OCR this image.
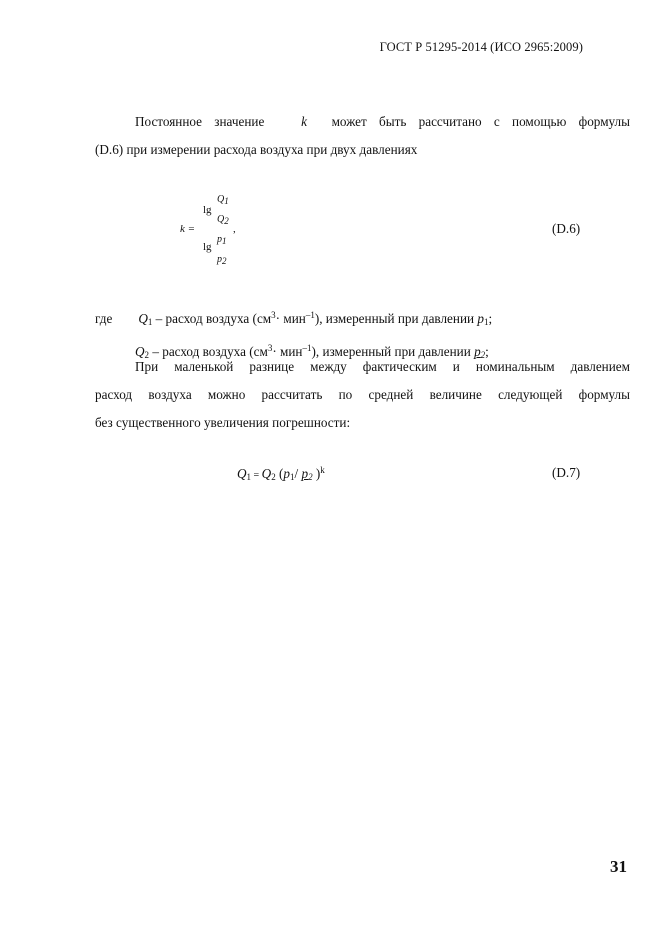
ГОСТ Р 51295-2014 (ИСО 2965:2009)
Постоянное значение	k может быть рассчитано с помощью формулы
(D.6) при измерении расхода воздуха при двух давлениях
k =
lg
lg
$Q_1$
$Q_2$
$p_1$
$p_2$
,	(D.6)
где $Q_1$ – расход воздуха $(см^3\cdot мин^{-1})$, измеренный при давлении $p_1$;
$Q_2$ – расход воздуха $(см^3\cdot мин^{-1})$, измеренный при давлении $p_2$;
При маленькой разнице между фактическим и номинальным давлением
расход воздуха можно рассчитать по средней величине следующей формулы
без существенного увеличения погрешности:
$Q_1 = Q_2$ ($p_1/$ $p_2$ )$^k$	(D.7)
31
